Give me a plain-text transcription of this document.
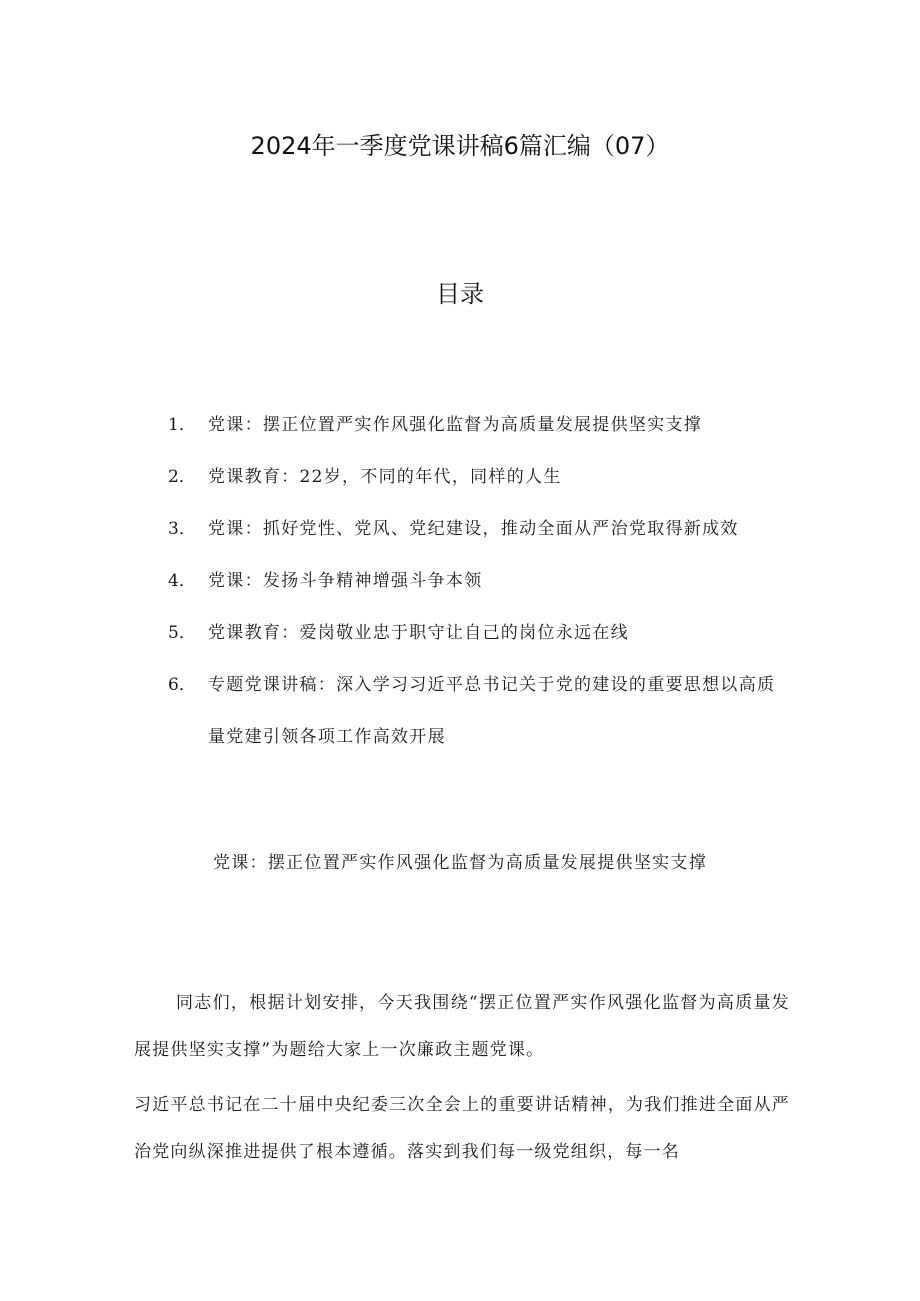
2024年一季度党课讲稿6篇汇编（07）
目录
1． 党课：摆正位置严实作风强化监督为高质量发展提供坚实支撑
2． 党课教育：22岁，不同的年代，同样的人生
3． 党课：抓好党性、党风、党纪建设，推动全面从严治党取得新成效
4． 党课：发扬斗争精神增强斗争本领
5． 党课教育：爱岗敬业忠于职守让自己的岗位永远在线
6． 专题党课讲稿：深入学习习近平总书记关于党的建设的重要思想以高质量党建引领各项工作高效开展
党课：摆正位置严实作风强化监督为高质量发展提供坚实支撑
同志们，根据计划安排，今天我围绕“摆正位置严实作风强化监督为高质量发展提供坚实支撑”为题给大家上一次廉政主题党课。
习近平总书记在二十届中央纪委三次全会上的重要讲话精神，为我们推进全面从严治党向纵深推进提供了根本遵循。落实到我们每一级党组织，每一名
